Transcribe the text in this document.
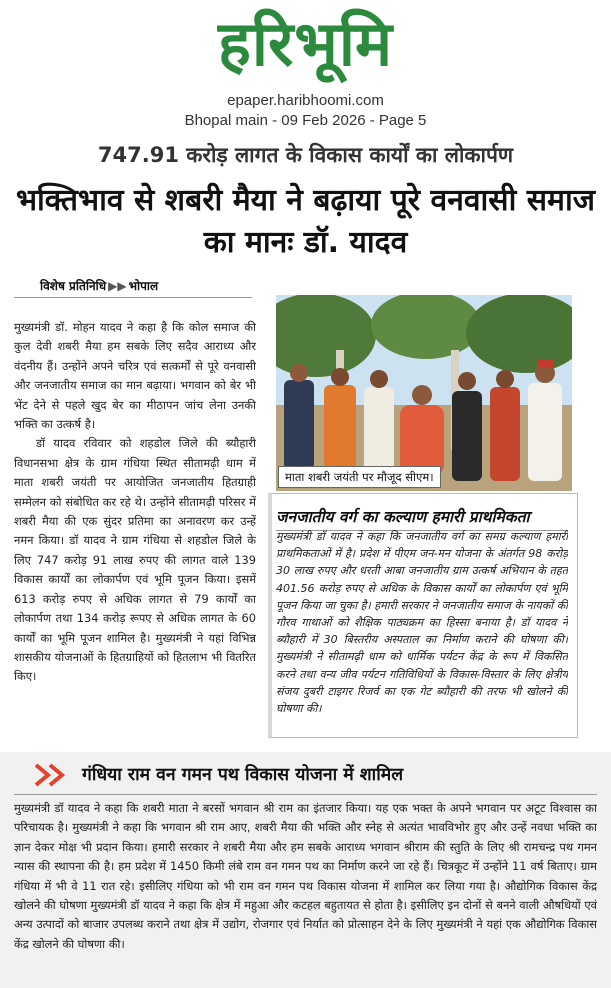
हरिभूमि
epaper.haribhoomi.com
Bhopal main - 09 Feb 2026 - Page 5
747.91 करोड़ लागत के विकास कार्यों का लोकार्पण
भक्तिभाव से शबरी मैया ने बढ़ाया पूरे वनवासी समाज का मानः डॉ. यादव
विशेष प्रतिनिधि ▶▶ भोपाल

मुख्यमंत्री डॉ. मोहन यादव ने कहा है कि कोल समाज की कुल देवी शबरी मैया हम सबके लिए सदैव आराध्य और वंदनीय हैं। उन्होंने अपने चरित्र एवं सत्कर्मों से पूरे वनवासी और जनजातीय समाज का मान बढ़ाया। भगवान को बेर भी भेंट देने से पहले खुद बेर का मीठापन जांच लेना उनकी भक्ति का उत्कर्ष है।

डॉ यादव रविवार को शहडोल जिले की ब्यौहारी विधानसभा क्षेत्र के ग्राम गंधिया स्थित सीतामढ़ी धाम में माता शबरी जयंती पर आयोजित जनजातीय हितग्राही सम्मेलन को संबोधित कर रहे थे। उन्होंने सीतामढ़ी परिसर में शबरी मैया की एक सुंदर प्रतिमा का अनावरण कर उन्हें नमन किया। डॉ यादव ने ग्राम गंधिया से शहडोल जिले के लिए 747 करोड़ 91 लाख रुपए की लागत वाले 139 विकास कार्यों का लोकार्पण एवं भूमि पूजन किया। इसमें 613 करोड़ रुपए से अधिक लागत से 79 कार्यों का लोकार्पण तथा 134 करोड़ रूपए से अधिक लागत के 60 कार्यों का भूमि पूजन शामिल है। मुख्यमंत्री ने यहां विभिन्न शासकीय योजनाओं के हितग्राहियों को हितलाभ भी वितरित किए।

माता शबरी जयंती पर मौजूद सीएम।
जनजातीय वर्ग का कल्याण हमारी प्राथमिकता
मुख्यमंत्री डॉ यादव ने कहा कि जनजातीय वर्ग का समग्र कल्याण हमारी प्राथमिकताओं में है। प्रदेश में पीएम जन-मन योजना के अंतर्गत 98 करोड़ 30 लाख रुपए और धरती आबा जनजातीय ग्राम उत्कर्ष अभियान के तहत 401.56 करोड़ रुपए से अधिक के विकास कार्यों का लोकार्पण एवं भूमि पूजन किया जा चुका है। हमारी सरकार ने जनजातीय समाज के नायकों की गौरव गाथाओं को शैक्षिक पाठ्यक्रम का हिस्सा बनाया है। डॉ यादव ने ब्यौहारी में 30 बिस्तरीय अस्पताल का निर्माण कराने की घोषणा की। मुख्यमंत्री ने सीतामढ़ी धाम को धार्मिक पर्यटन केंद्र के रूप में विकसित करने तथा वन्य जीव पर्यटन गतिविधियों के विकास-विस्तार के लिए क्षेत्रीय संजय दुबरी टाइगर रिजर्व का एक गेट ब्यौहारी की तरफ भी खोलने की घोषणा की।
गंधिया राम वन गमन पथ विकास योजना में शामिल
मुख्यमंत्री डॉ यादव ने कहा कि शबरी माता ने बरसों भगवान श्री राम का इंतजार किया। यह एक भक्त के अपने भगवान पर अटूट विश्वास का परिचायक है। मुख्यमंत्री ने कहा कि भगवान श्री राम आए, शबरी मैया की भक्ति और स्नेह से अत्यंत भावविभोर हुए और उन्हें नवधा भक्ति का ज्ञान देकर मोक्ष भी प्रदान किया। हमारी सरकार ने शबरी मैया और हम सबके आराध्य भगवान श्रीराम की स्तुति के लिए श्री रामचन्द्र पथ गमन न्यास की स्थापना की है। हम प्रदेश में 1450 किमी लंबे राम वन गमन पथ का निर्माण करने जा रहे हैं। चित्रकूट में उन्होंने 11 वर्ष बिताए। ग्राम गंधिया में भी वे 11 रात रहे। इसीलिए गंधिया को भी राम वन गमन पथ विकास योजना में शामिल कर लिया गया है। औद्योगिक विकास केंद्र खोलने की घोषणा मुख्यमंत्री डॉ यादव ने कहा कि क्षेत्र में महुआ और कटहल बहुतायत से होता है। इसीलिए इन दोनों से बनने वाली औषधियों एवं अन्य उत्पादों को बाजार उपलब्ध कराने तथा क्षेत्र में उद्योग, रोजगार एवं निर्यात को प्रोत्साहन देने के लिए मुख्यमंत्री ने यहां एक औद्योगिक विकास केंद्र खोलने की घोषणा की।
